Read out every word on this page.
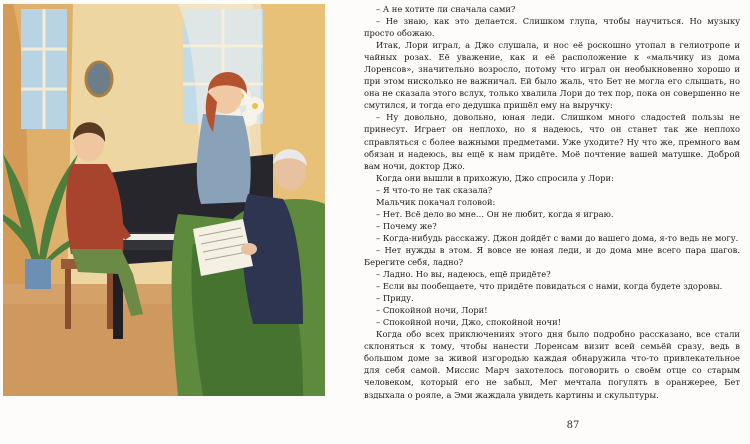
– А не хотите ли сначала сами?

– Не знаю, как это делается. Слишком глупа, чтобы научиться. Но музыку просто обожаю.

Итак, Лори играл, а Джо слушала, и нос её роскошно утопал в гелиотропе и чайных розах. Её уважение, как и её расположение к «мальчику из дома Лоренсов», значительно возросло, потому что играл он необыкновенно хорошо и при этом нисколько не важничал. Ей было жаль, что Бет не могла его слышать, но она не сказала этого вслух, только хвалила Лори до тех пор, пока он совершенно не смутился, и тогда его дедушка пришёл ему на выручку:

– Ну довольно, довольно, юная леди. Слишком много сладостей пользы не принесут. Играет он неплохо, но я надеюсь, что он станет так же неплохо справляться с более важными предметами. Уже уходите? Ну что же, премного вам обязан и надеюсь, вы ещё к нам придёте. Моё почтение вашей матушке. Доброй вам ночи, доктор Джо.

Когда они вышли в прихожую, Джо спросила у Лори:

– Я что-то не так сказала?

Мальчик покачал головой:

– Нет. Всё дело во мне… Он не любит, когда я играю.

– Почему же?

– Когда-нибудь расскажу. Джон дойдёт с вами до вашего дома, я-то ведь не могу.

– Нет нужды в этом. Я вовсе не юная леди, и до дома мне всего пара шагов. Берегите себя, ладно?

– Ладно. Но вы, надеюсь, ещё придёте?

– Если вы пообещаете, что придёте повидаться с нами, когда будете здоровы.

– Приду.

– Спокойной ночи, Лори!

– Спокойной ночи, Джо, спокойной ночи!

Когда обо всех приключениях этого дня было подробно рассказано, все стали склоняться к тому, чтобы нанести Лоренсам визит всей семьёй сразу, ведь в большом доме за живой изгородью каждая обнаружила что-то привлекательное для себя самой. Миссис Марч захотелось поговорить о своём отце со старым человеком, который его не забыл, Мег мечтала погулять в оранжерее, Бет вздыхала о рояле, а Эми жаждала увидеть картины и скульптуры.

87
